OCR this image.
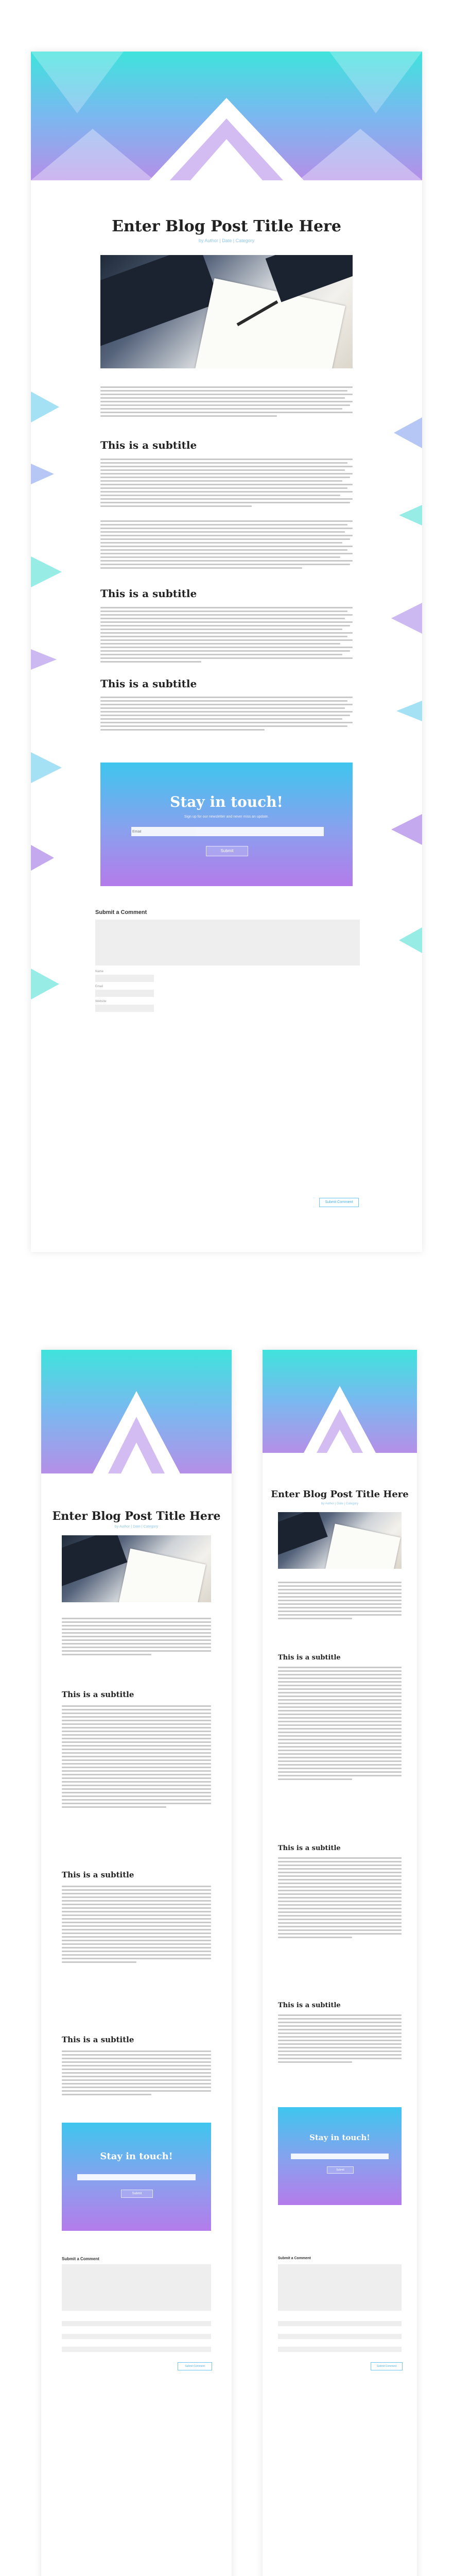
Enter Blog Post Title Here
by Author | Date | Category
This is a subtitle
This is a subtitle
This is a subtitle
Stay in touch!
Sign up for our newsletter and never miss an update.
Email
Submit
Submit a Comment
Name
Email
Website
Submit Comment
Enter Blog Post Title Here
by Author | Date | Category
This is a subtitle
This is a subtitle
This is a subtitle
Stay in touch!
Submit
Submit a Comment
Submit Comment
Enter Blog Post Title Here
by Author | Date | Category
This is a subtitle
This is a subtitle
This is a subtitle
Stay in touch!
Submit
Submit a Comment
Submit Comment
